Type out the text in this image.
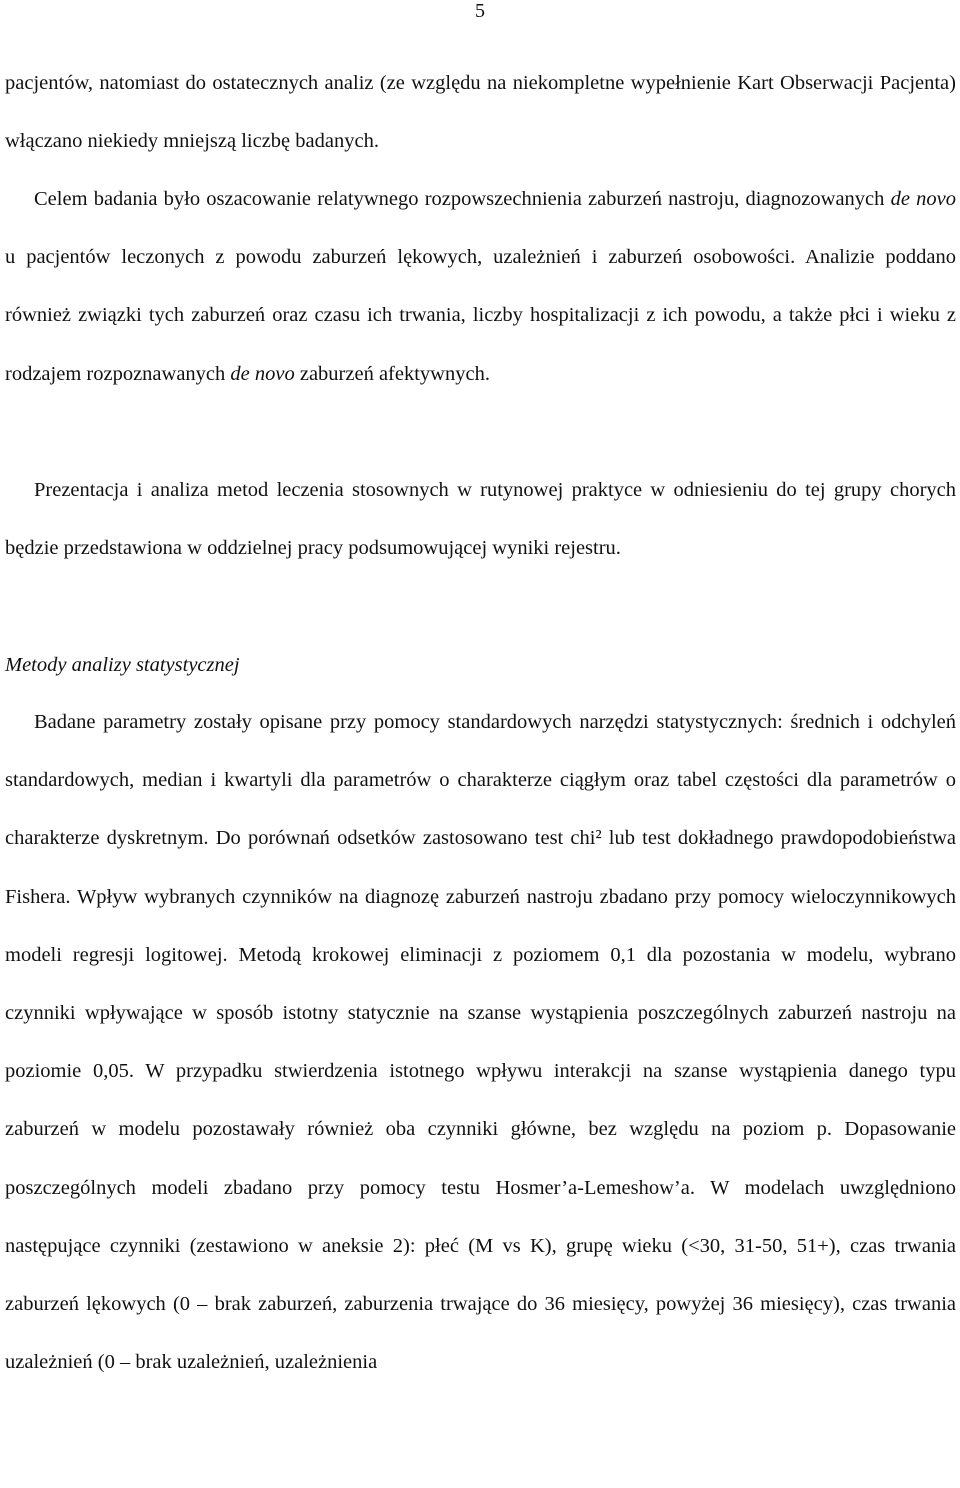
5

pacjentów, natomiast do ostatecznych analiz (ze względu na niekompletne wypełnienie Kart Obserwacji Pacjenta) włączano niekiedy mniejszą liczbę badanych.

Celem badania było oszacowanie relatywnego rozpowszechnienia zaburzeń nastroju, diagnozowanych de novo u pacjentów leczonych z powodu zaburzeń lękowych, uzależnień i zaburzeń osobowości. Analizie poddano również związki tych zaburzeń oraz czasu ich trwania, liczby hospitalizacji z ich powodu, a także płci i wieku z rodzajem rozpoznawanych de novo zaburzeń afektywnych.

Prezentacja i analiza metod leczenia stosownych w rutynowej praktyce w odniesieniu do tej grupy chorych będzie przedstawiona w oddzielnej pracy podsumowującej wyniki rejestru.

Metody analizy statystycznej

Badane parametry zostały opisane przy pomocy standardowych narzędzi statystycznych: średnich i odchyleń standardowych, median i kwartyli dla parametrów o charakterze ciągłym oraz tabel częstości dla parametrów o charakterze dyskretnym. Do porównań odsetków zastosowano test chi² lub test dokładnego prawdopodobieństwa Fishera. Wpływ wybranych czynników na diagnozę zaburzeń nastroju zbadano przy pomocy wieloczynnikowych modeli regresji logitowej. Metodą krokowej eliminacji z poziomem 0,1 dla pozostania w modelu, wybrano czynniki wpływające w sposób istotny statycznie na szanse wystąpienia poszczególnych zaburzeń nastroju na poziomie 0,05. W przypadku stwierdzenia istotnego wpływu interakcji na szanse wystąpienia danego typu zaburzeń w modelu pozostawały również oba czynniki główne, bez względu na poziom p. Dopasowanie poszczególnych modeli zbadano przy pomocy testu Hosmer’a-Lemeshow’a. W modelach uwzględniono następujące czynniki (zestawiono w aneksie 2): płeć (M vs K), grupę wieku (<30, 31-50, 51+), czas trwania zaburzeń lękowych (0 – brak zaburzeń, zaburzenia trwające do 36 miesięcy, powyżej 36 miesięcy), czas trwania uzależnień (0 – brak uzależnień, uzależnienia
